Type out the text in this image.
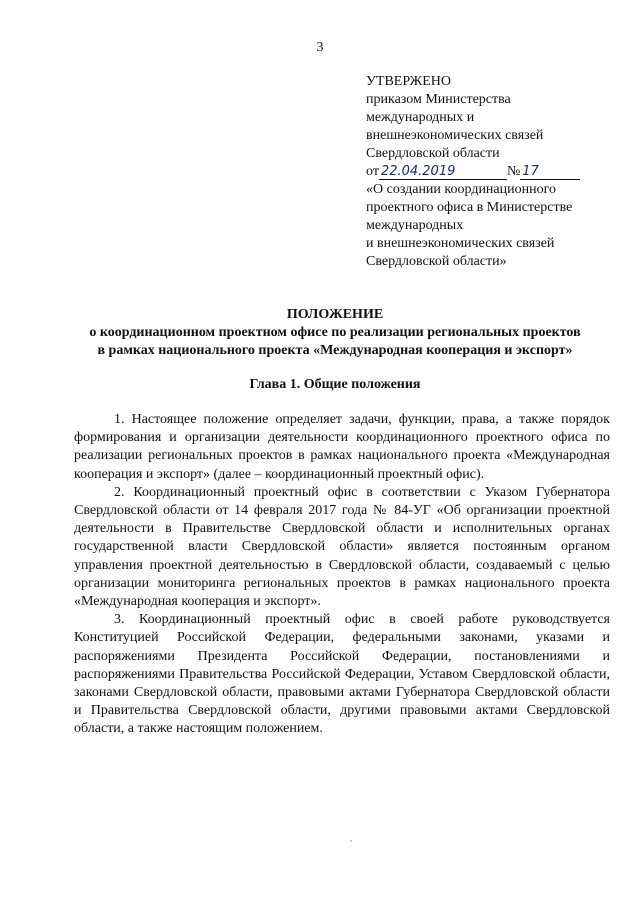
3
УТВЕРЖЕНО
приказом Министерства
международных и
внешнеэкономических связей
Свердловской области
от 22.04.2019	№ 17
«О создании координационного
проектного офиса в Министерстве
международных
и внешнеэкономических связей
Свердловской области»
ПОЛОЖЕНИЕ
о координационном проектном офисе по реализации региональных проектов
в рамках национального проекта «Международная кооперация и экспорт»
Глава 1. Общие положения

1. Настоящее положение определяет задачи, функции, права, а также порядок формирования и организации деятельности координационного проектного офиса по реализации региональных проектов в рамках национального проекта «Международная кооперация и экспорт» (далее – координационный проектный офис).

2. Координационный проектный офис в соответствии с Указом Губернатора Свердловской области от 14 февраля 2017 года № 84-УГ «Об организации проектной деятельности в Правительстве Свердловской области и исполнительных органах государственной власти Свердловской области» является постоянным органом управления проектной деятельностью в Свердловской области, создаваемый с целью организации мониторинга региональных проектов в рамках национального проекта «Международная кооперация и экспорт».

3. Координационный проектный офис в своей работе руководствуется Конституцией Российской Федерации, федеральными законами, указами и распоряжениями Президента Российской Федерации, постановлениями и распоряжениями Правительства Российской Федерации, Уставом Свердловской области, законами Свердловской области, правовыми актами Губернатора Свердловской области и Правительства Свердловской области, другими правовыми актами Свердловской области, а также настоящим положением.
